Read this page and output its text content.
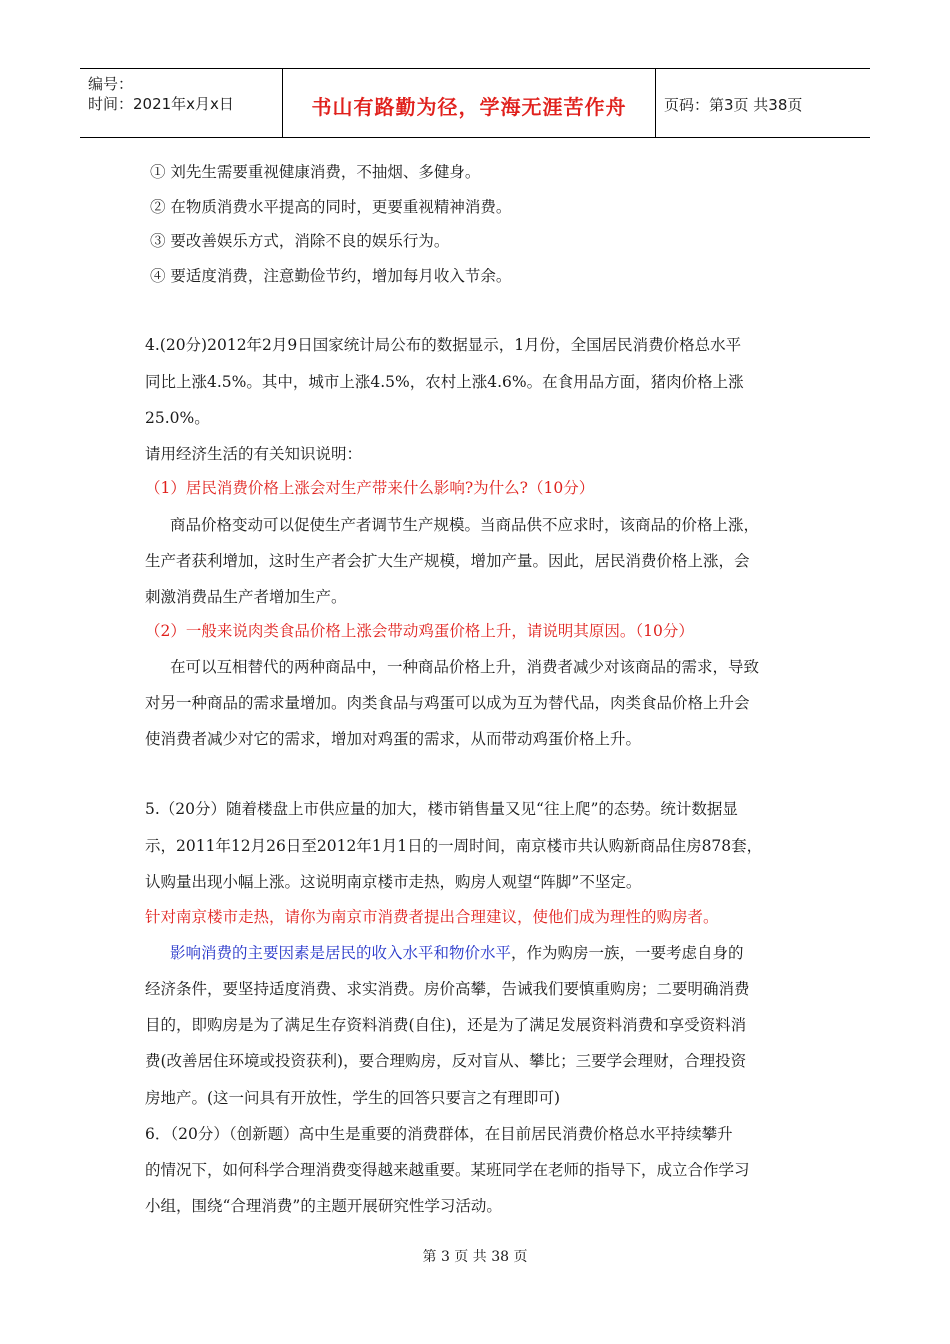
编号：
时间：2021年x月x日	书山有路勤为径，学海无涯苦作舟	页码：第3页 共38页
① 刘先生需要重视健康消费，不抽烟、多健身。
② 在物质消费水平提高的同时，更要重视精神消费。
③ 要改善娱乐方式，消除不良的娱乐行为。
④ 要适度消费，注意勤俭节约，增加每月收入节余。
4.(20分)2012年2月9日国家统计局公布的数据显示，1月份，全国居民消费价格总水平
同比上涨4.5%。其中，城市上涨4.5%，农村上涨4.6%。在食用品方面，猪肉价格上涨
25.0%。
请用经济生活的有关知识说明：
（1）居民消费价格上涨会对生产带来什么影响?为什么?（10分）
商品价格变动可以促使生产者调节生产规模。当商品供不应求时，该商品的价格上涨，
生产者获利增加，这时生产者会扩大生产规模，增加产量。因此，居民消费价格上涨，会
刺激消费品生产者增加生产。
（2）一般来说肉类食品价格上涨会带动鸡蛋价格上升，请说明其原因。（10分）
在可以互相替代的两种商品中，一种商品价格上升，消费者减少对该商品的需求，导致
对另一种商品的需求量增加。肉类食品与鸡蛋可以成为互为替代品，肉类食品价格上升会
使消费者减少对它的需求，增加对鸡蛋的需求，从而带动鸡蛋价格上升。
5.（20分）随着楼盘上市供应量的加大，楼市销售量又见“往上爬”的态势。统计数据显
示，2011年12月26日至2012年1月1日的一周时间，南京楼市共认购新商品住房878套，
认购量出现小幅上涨。这说明南京楼市走热，购房人观望“阵脚”不坚定。
针对南京楼市走热，请你为南京市消费者提出合理建议，使他们成为理性的购房者。
影响消费的主要因素是居民的收入水平和物价水平，作为购房一族，一要考虑自身的
经济条件，要坚持适度消费、求实消费。房价高攀，告诫我们要慎重购房；二要明确消费
目的，即购房是为了满足生存资料消费(自住)，还是为了满足发展资料消费和享受资料消
费(改善居住环境或投资获利)，要合理购房，反对盲从、攀比；三要学会理财，合理投资
房地产。(这一问具有开放性，学生的回答只要言之有理即可)
6．（20分）（创新题）高中生是重要的消费群体，在目前居民消费价格总水平持续攀升
的情况下，如何科学合理消费变得越来越重要。某班同学在老师的指导下，成立合作学习
小组，围绕“合理消费”的主题开展研究性学习活动。
第 3 页 共 38 页
